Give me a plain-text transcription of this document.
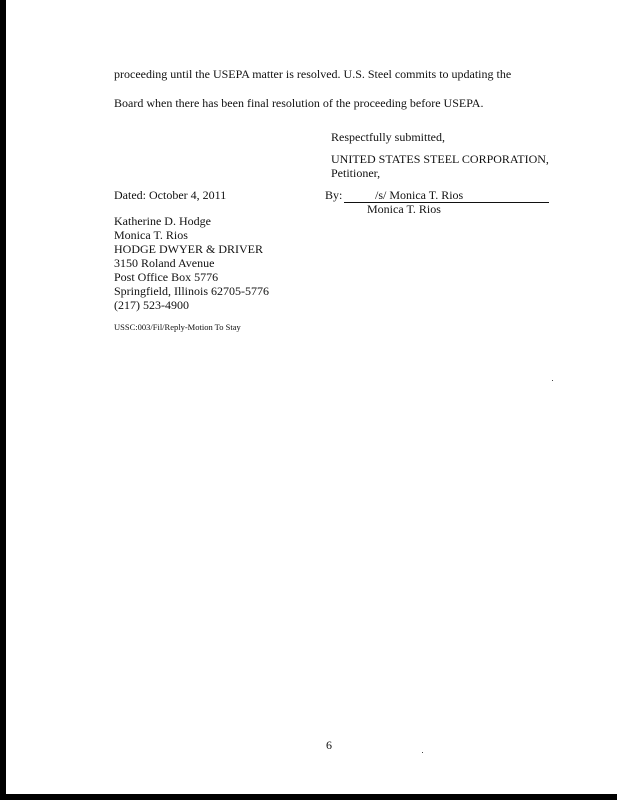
proceeding until the USEPA matter is resolved. U.S. Steel commits to updating the
Board when there has been final resolution of the proceeding before USEPA.
Respectfully submitted,
UNITED STATES STEEL CORPORATION,
Petitioner,
Dated: October 4, 2011	By:	/s/ Monica T. Rios
Monica T. Rios
Katherine D. Hodge
Monica T. Rios
HODGE DWYER & DRIVER
3150 Roland Avenue
Post Office Box 5776
Springfield, Illinois 62705-5776
(217) 523-4900
USSC:003/Fil/Reply-Motion To Stay
6
